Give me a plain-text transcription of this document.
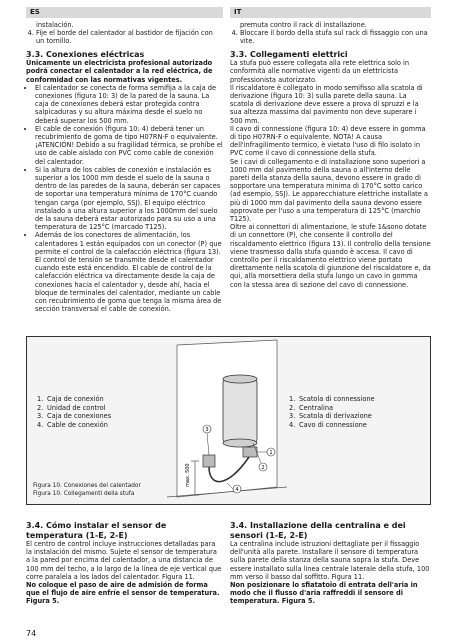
ES	IT

instalación.

4. Fije el borde del calentador al bastidor de fijación con un tornillo.

3.3. Conexiones eléctricas

Únicamente un electricista profesional autorizado podrá conectar el calentador a la red eléctrica, de conformidad con las normativas vigentes.

• El calentador se conecta de forma semifija a la caja de conexiones (figura 10: 3) de la pared de la sauna. La caja de conexiones deberá estar protegida contra salpicaduras y su altura máxima desde el suelo no deberá superar los 500 mm.
• El cable de conexión (figura 10: 4) deberá tener un recubrimiento de goma de tipo H07RN-F o equivalente. ¡ATENCIÓN! Debido a su fragilidad térmica, se prohíbe el uso de cable aislado con PVC como cable de conexión del calentador.
• Si la altura de los cables de conexión e instalación es superior a los 1000 mm desde el suelo de la sauna o dentro de las paredes de la sauna, deberán ser capaces de soportar una temperatura mínima de 170°C cuando tengan carga (por ejemplo, SSJ). El equipo eléctrico instalado a una altura superior a los 1000mm del suelo de la sauna deberá estar autorizado para su uso a una temperatura de 125°C (marcado T125).
• Además de los conectores de alimentación, los calentadores 1 están equipados con un conector (P) que permite el control de la calefacción eléctrica (figura 13). El control de tensión se transmite desde el calentador cuando este está encendido. El cable de control de la calefacción eléctrica va directamente desde la caja de conexiones hacia el calentador y, desde ahí, hacia el bloque de terminales del calentador, mediante un cable con recubrimiento de goma que tenga la misma área de sección transversal el cable de conexión.

premuta contro il rack di installazione.

4. Bloccare il bordo della stufa sul rack di fissaggio con una vite.

3.3. Collegamenti elettrici

La stufa può essere collegata alla rete elettrica solo in conformità alle normative vigenti da un elettricista professionista autorizzato.

Il riscaldatore è collegato in modo semifisso alla scatola di derivazione (figura 10: 3) sulla parete della sauna. La scatola di derivazione deve essere a prova di spruzzi e la sua altezza massima dal pavimento non deve superare i 500 mm.

Il cavo di connessione (figura 10: 4) deve essere in gomma di tipo H07RN-F o equivalente. NOTA! A causa dell'infragilimento termico, è vietato l'uso di filo isolato in PVC come il cavo di connessione della stufa.

Se i cavi di collegamento e di installazione sono superiori a 1000 mm dal pavimento della sauna o all'interno delle pareti della stanza della sauna, devono essere in grado di sopportare una temperatura minima di 170°C sotto carico (ad esempio, SSJ). Le apparecchiature elettriche installate a più di 1000 mm dal pavimento della sauna devono essere approvate per l'uso a una temperatura di 125°C (marchio T125).

Oltre ai connettori di alimentazione, le stufe 1&sono dotate di un connettore (P), che consente il controllo del riscaldamento elettrico (figura 13). Il controllo della tensione viene trasmesso dalla stufa quando è accesa. Il cavo di controllo per il riscaldamento elettrico viene portato direttamente nella scatola di giunzione del riscaldatore e, da qui, alla morsettiera della stufa lungo un cavo in gomma con la stessa area di sezione del cavo di connessione.

1. Caja de conexión
2. Unidad de control
3. Caja de conexiones
4. Cable de conexión
1. Scatola di connessione
2. Centralina
3. Scatola di derivazione
4. Cavo di connessione
max. 500
1
2
3
4
Figura 10. Conexiones del calentador
Figura 10. Collegamenti della stufa

3.4. Cómo instalar el sensor de temperatura (1-E, 2-E)

El centro de control incluye instrucciones detalladas para la instalación del mismo. Sujete el sensor de temperatura a la pared por encima del calentador, a una distancia de 100 mm del techo, a lo largo de la línea de eje vertical que corre paralela a los lados del calentador. Figura 11.

No coloque el paso de aire de admisión de forma que el flujo de aire enfríe el sensor de temperatura. Figura 5.

3.4. Installazione della centralina e dei sensori (1-E, 2-E)

La centralina include istruzioni dettagliate per il fissaggio dell'unità alla parete. Installare il sensore di temperatura sulla parete della stanza della sauna sopra la stufa. Deve essere installato sulla linea centrale laterale della stufa, 100 mm verso il basso dal soffitto. Figura 11.

Non posizionare lo sfiatatoio di entrata dell'aria in modo che il flusso d'aria raffreddi il sensore di temperatura. Figura 5.

74
